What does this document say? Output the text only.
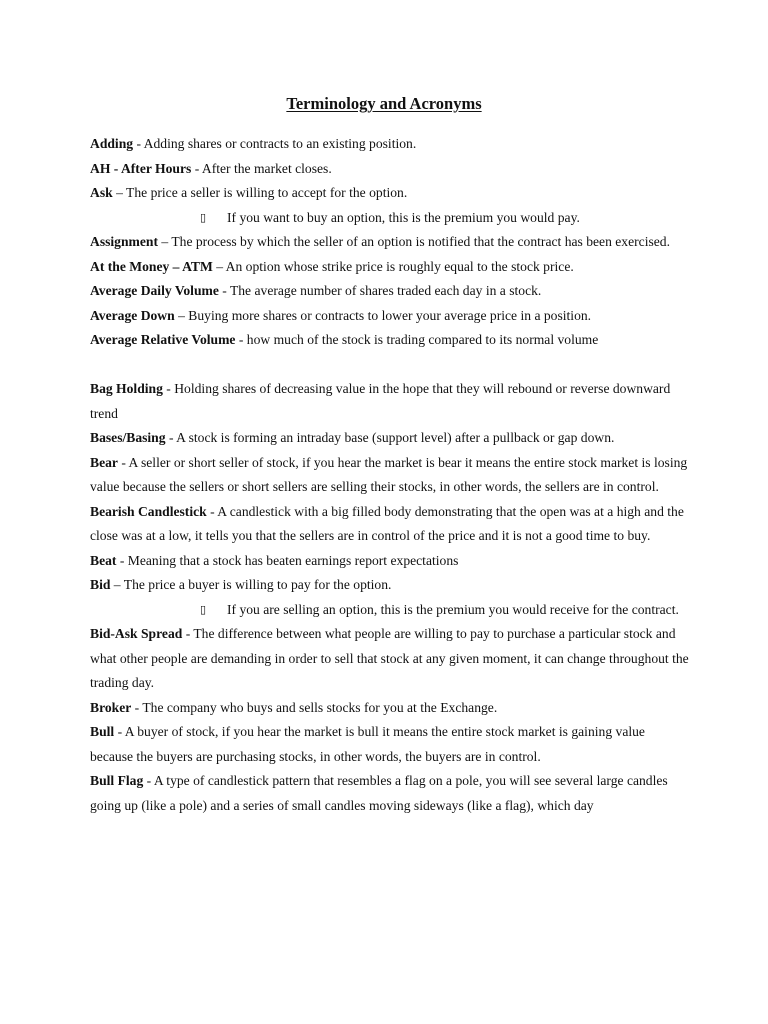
Terminology and Acronyms

Adding - Adding shares or contracts to an existing position.

AH - After Hours - After the market closes.

Ask – The price a seller is willing to accept for the option.

▯ If you want to buy an option, this is the premium you would pay.

Assignment – The process by which the seller of an option is notified that the contract has been exercised.

At the Money – ATM – An option whose strike price is roughly equal to the stock price.

Average Daily Volume - The average number of shares traded each day in a stock.

Average Down – Buying more shares or contracts to lower your average price in a position.

Average Relative Volume - how much of the stock is trading compared to its normal volume

Bag Holding - Holding shares of decreasing value in the hope that they will rebound or reverse downward trend

Bases/Basing - A stock is forming an intraday base (support level) after a pullback or gap down.

Bear - A seller or short seller of stock, if you hear the market is bear it means the entire stock market is losing value because the sellers or short sellers are selling their stocks, in other words, the sellers are in control.

Bearish Candlestick - A candlestick with a big filled body demonstrating that the open was at a high and the close was at a low, it tells you that the sellers are in control of the price and it is not a good time to buy.

Beat - Meaning that a stock has beaten earnings report expectations

Bid – The price a buyer is willing to pay for the option.

▯ If you are selling an option, this is the premium you would receive for the contract.

Bid-Ask Spread - The difference between what people are willing to pay to purchase a particular stock and what other people are demanding in order to sell that stock at any given moment, it can change throughout the trading day.

Broker - The company who buys and sells stocks for you at the Exchange.

Bull - A buyer of stock, if you hear the market is bull it means the entire stock market is gaining value because the buyers are purchasing stocks, in other words, the buyers are in control.

Bull Flag - A type of candlestick pattern that resembles a flag on a pole, you will see several large candles going up (like a pole) and a series of small candles moving sideways (like a flag), which day
